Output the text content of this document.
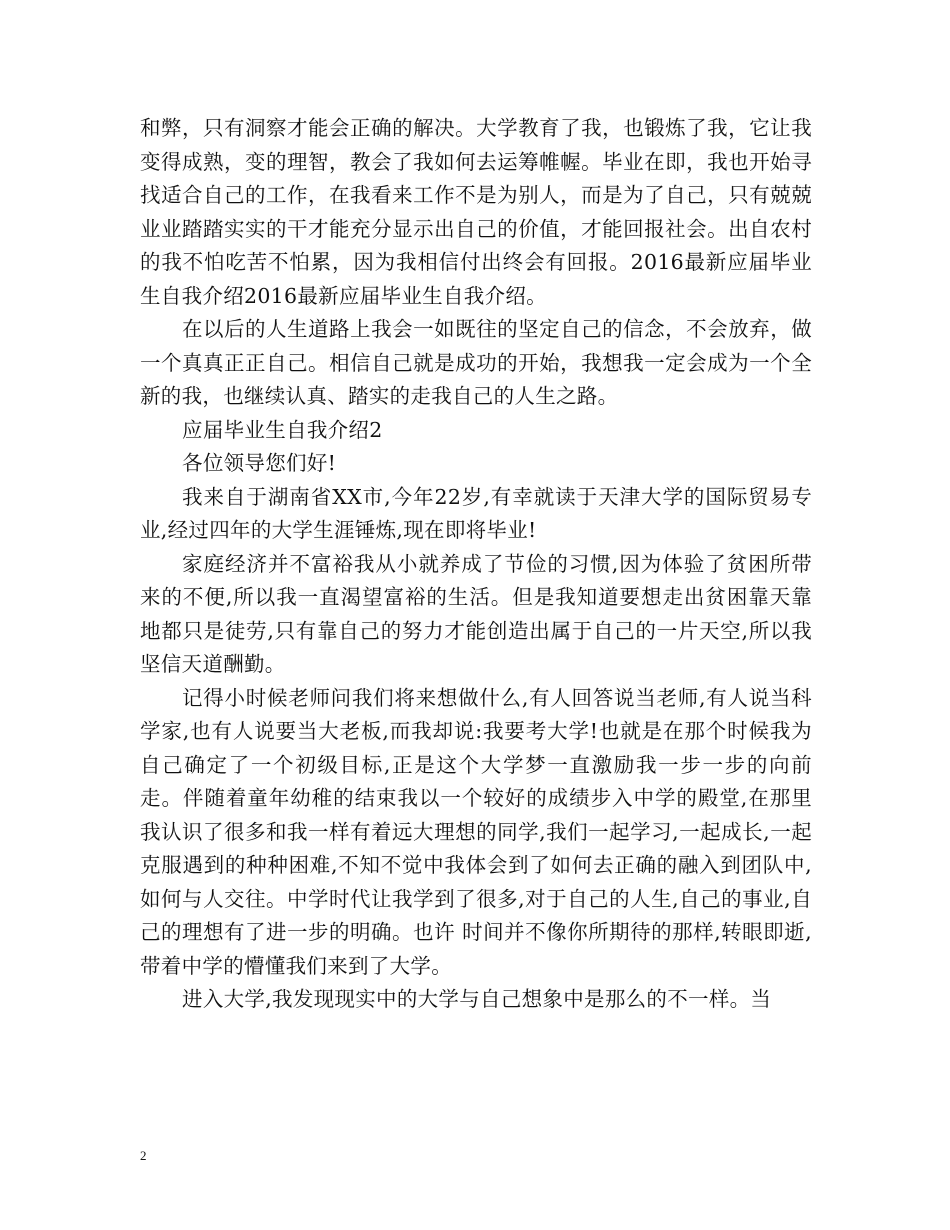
和弊，只有洞察才能会正确的解决。大学教育了我，也锻炼了我，它让我变得成熟，变的理智，教会了我如何去运筹帷幄。毕业在即，我也开始寻找适合自己的工作，在我看来工作不是为别人，而是为了自己，只有兢兢业业踏踏实实的干才能充分显示出自己的价值，才能回报社会。出自农村的我不怕吃苦不怕累，因为我相信付出终会有回报。2016最新应届毕业生自我介绍2016最新应届毕业生自我介绍。

在以后的人生道路上我会一如既往的坚定自己的信念，不会放弃，做一个真真正正自己。相信自己就是成功的开始，我想我一定会成为一个全新的我，也继续认真、踏实的走我自己的人生之路。

应届毕业生自我介绍2

各位领导您们好!

我来自于湖南省XX市,今年22岁,有幸就读于天津大学的国际贸易专业,经过四年的大学生涯锤炼,现在即将毕业!

家庭经济并不富裕我从小就养成了节俭的习惯,因为体验了贫困所带来的不便,所以我一直渴望富裕的生活。但是我知道要想走出贫困靠天靠地都只是徒劳,只有靠自己的努力才能创造出属于自己的一片天空,所以我坚信天道酬勤。

记得小时候老师问我们将来想做什么,有人回答说当老师,有人说当科学家,也有人说要当大老板,而我却说:我要考大学!也就是在那个时候我为自己确定了一个初级目标,正是这个大学梦一直激励我一步一步的向前走。伴随着童年幼稚的结束我以一个较好的成绩步入中学的殿堂,在那里我认识了很多和我一样有着远大理想的同学,我们一起学习,一起成长,一起克服遇到的种种困难,不知不觉中我体会到了如何去正确的融入到团队中,如何与人交往。中学时代让我学到了很多,对于自己的人生,自己的事业,自己的理想有了进一步的明确。也许 时间并不像你所期待的那样,转眼即逝,带着中学的懵懂我们来到了大学。

进入大学,我发现现实中的大学与自己想象中是那么的不一样。当

2
